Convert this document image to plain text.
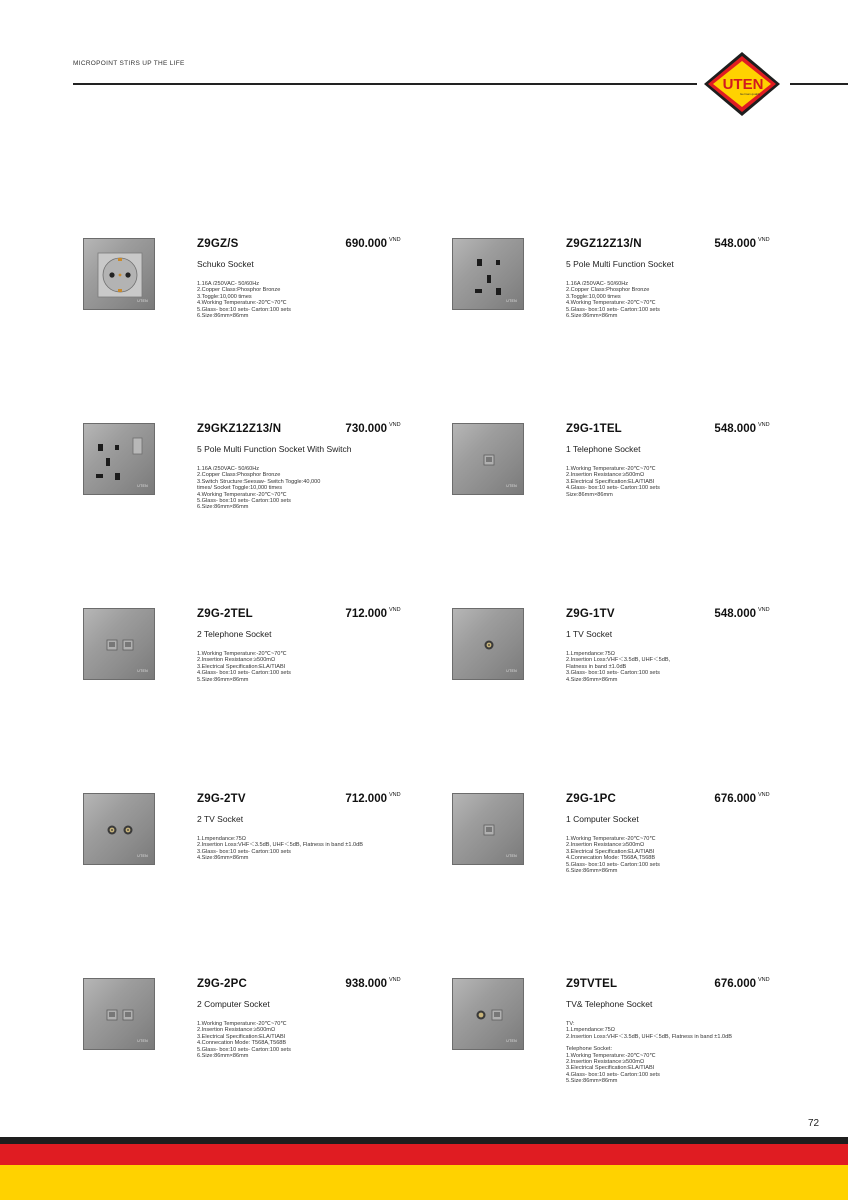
MICROPOINT STIRS UP THE LIFE
UTEN
German quality
UTEN
Z9GZ/S	690.000 VND
Schuko Socket
1.16A /250VAC- 50/60Hz
2.Copper Class:Phosphor Bronze
3.Toggle:10,000 times
4.Working Temperature:-20℃~70℃
5.Glass- box:10 sets- Carton:100 sets
6.Size:86mm×86mm
UTEN
Z9GZ12Z13/N	548.000 VND
5 Pole Multi Function Socket
1.16A /250VAC- 50/60Hz
2.Copper Class:Phosphor Bronze
3.Toggle:10,000 times
4.Working Temperature:-20℃~70℃
5.Glass- box:10 sets- Carton:100 sets
6.Size:86mm×86mm
UTEN
Z9GKZ12Z13/N	730.000 VND
5 Pole Multi Function Socket With Switch
1.16A /250VAC- 50/60Hz
2.Copper Class:Phosphor Bronze
3.Switch Structure:Seesaw- Switch Toggle:40,000
times/ Socket Toggle:10,000 times
4.Working Temperature:-20℃~70℃
5.Glass- box:10 sets- Carton:100 sets
6.Size:86mm×86mm
UTEN
Z9G-1TEL	548.000 VND
1 Telephone Socket
1.Working Temperature:-20℃~70℃
2.Insertion Resistance:≥500mΩ
3.Electrical Specification:ELA/TIABI
4.Glass- box:10 sets- Carton:100 sets
Size:86mm×86mm
UTEN
Z9G-2TEL	712.000 VND
2 Telephone Socket
1.Working Temperature:-20℃~70℃
2.Insertion Resistance:≥500mΩ
3.Electrical Specification:ELA/TIABI
4.Glass- box:10 sets- Carton:100 sets
5.Size:86mm×86mm
UTEN
Z9G-1TV	548.000 VND
1 TV Socket
1.Lmpendance:75Ω
2.Insertion Loss:VHF＜3.5dB, UHF＜5dB,
Flatness in band ±1.0dB
3.Glass- box:10 sets- Carton:100 sets
4.Size:86mm×86mm
UTEN
Z9G-2TV	712.000 VND
2 TV Socket
1.Lmpendance:75Ω
2.Insertion Loss:VHF＜3.5dB, UHF＜5dB, Flatness in band ±1.0dB
3.Glass- box:10 sets- Carton:100 sets
4.Size:86mm×86mm	UTEN
Z9G-1PC	676.000 VND
1 Computer Socket
1.Working Temperature:-20℃~70℃
2.Insertion Resistance:≥500mΩ
3.Electrical Specification:ELA/TIABI
4.Connecation Mode: T568A,T568B
5.Glass- box:10 sets- Carton:100 sets
6.Size:86mm×86mm
UTEN
Z9G-2PC	938.000 VND
2 Computer Socket
1.Working Temperature:-20℃~70℃
2.Insertion Resistance:≥500mΩ
3.Electrical Specification:ELA/TIABI
4.Connecation Mode: T568A,T568B
5.Glass- box:10 sets- Carton:100 sets
6.Size:86mm×86mm
UTEN
Z9TVTEL	676.000 VND
TV& Telephone Socket
TV:
1.Lmpendance:75Ω
2.Insertion Loss:VHF＜3.5dB, UHF＜5dB, Flatness in band ±1.0dB
Telephone Socket:
1.Working Temperature:-20℃~70℃
2.Insertion Resistance:≥500mΩ
3.Electrical Specification:ELA/TIABI
4.Glass- box:10 sets- Carton:100 sets
5.Size:86mm×86mm
72
